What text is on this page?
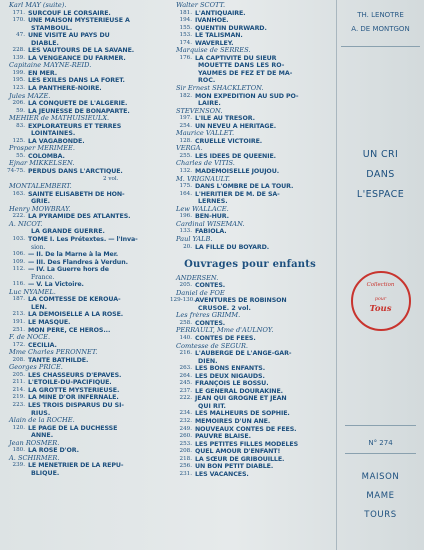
Karl MAY (suite).
171. SURCOUF LE CORSAIRE.
170. UNE MAISON MYSTÉRIEUSE A
STAMBOUL.
47. UNE VISITE AU PAYS DU
DIABLE.
228. LES VAUTOURS DE LA SAVANE.
139. LA VENGEANCE DU FARMER.
Capitaine MAYNE-REID.
199. EN MER.
195. LES EXILÉS DANS LA FORÊT.
123. LA PANTHÈRE-NOIRE.
Jules MAZÉ.
206. LA CONQUÊTE DE L'ALGÉRIE.
59. LA JEUNESSE DE BONAPARTE.
MÉHIER de MATHUISIEULX.
83. EXPLORATEURS ET TERRES
LOINTAINES.
125. LA VAGABONDE.
Prosper MÉRIMÉE.
55. COLOMBA.
Ejnar MIKKELSEN.
74-75. PERDUS DANS L'ARCTIQUE.
2 vol.
MONTALEMBERT.
163. SAINTE ÉLISABETH DE HON-
GRIE.
Henry MOWBRAY.
222. LA PYRAMIDE DES ATLANTES.
A. NICOT.
LA GRANDE GUERRE.
103. TOME I. Les Prétextes. — l'Inva-
sion.
106. — II. De la Marne à la Mer.
109. — III. Des Flandres à Verdun.
112. — IV. La Guerre hors de
France.
116. — V. La Victoire.
Luc NYAMEL.
187. LA COMTESSE DE KÉROUA-
LEN.
213. LA DEMOISELLE A LA ROSE.
191. LE MASQUE.
251. MON PÈRE, CE HÉROS...
F. de NOCÉ.
172. CÉCILIA.
Mme Charles PÉRONNET.
208. TANTE BATHILDE.
Georges PRICE.
205. LES CHASSEURS D'ÉPAVES.
211. L'ÉTOILE-DU-PACIFIQUE.
214. LA GROTTE MYSTÉRIEUSE.
219. LA MINE D'OR INFERNALE.
223. LES TROIS DISPARUS DU SI-
RIUS.
Alain de la ROCHE.
120. LE PAGE DE LA DUCHESSE
ANNE.
Jean ROSMER.
180. LA ROSE D'OR.
A. SCHIRMER.
239. LE MÉNÉTRIER DE LA RÉPU-
BLIQUE.
Walter SCOTT.
181. L'ANTIQUAIRE.
194. IVANHOÉ.
155. QUENTIN DURWARD.
153. LE TALISMAN.
174. WAVERLEY.
Marquise de SERRES.
176. LA CAPTIVITÉ DU SIEUR
MOUETTE DANS LES RO-
YAUMES DE FEZ ET DE MA-
ROC.
Sir Ernest SHACKLETON.
182. MON EXPÉDITION AU SUD PO-
LAIRE.
STEVENSON.
197. L'ÎLE AU TRÉSOR.
254. UN NEVEU A HÉRITAGE.
Maurice VALLET.
128. CRUELLE VICTOIRE.
VERGA.
255. LES IDÉES DE QUEENIE.
Charles de VITIS.
132. MADEMOISELLE JOUJOU.
M. VRIGNAULT.
175. DANS L'OMBRE DE LA TOUR.
164. L'HÉRITIER DE M. DE SA-
LERNES.
Lew WALLACE.
196. BEN-HUR.
Cardinal WISEMAN.
133. FABIOLA.
Paul YALB.
20. LA FILLE DU BOYARD.
Ouvrages pour enfants
ANDERSEN.
205. CONTES.
Daniel de FOË
129-130. AVENTURES DE ROBINSON
CRUSOË. 2 vol.
Les frères GRIMM.
258. CONTES.
PERRAULT, Mme d'AULNOY.
140. CONTES DE FÉES.
Comtesse de SÉGUR.
216. L'AUBERGE DE L'ANGE-GAR-
DIEN.
263. LES BONS ENFANTS.
264. LES DEUX NIGAUDS.
245. FRANÇOIS LE BOSSU.
237. LE GÉNÉRAL DOURAKINE.
222. JEAN QUI GROGNE ET JEAN
QUI RIT.
234. LES MALHEURS DE SOPHIE.
232. MÉMOIRES D'UN ÂNE.
249. NOUVEAUX CONTES DE FÉES.
260. PAUVRE BLAISE.
253. LES PETITES FILLES MODÈLES
208. QUEL AMOUR D'ENFANT!
218. LA SŒUR DE GRIBOUILLE.
256. UN BON PETIT DIABLE.
231. LES VACANCES.
TH. LENOTRE
A. DE MONTGON
UN CRI
DANS
L'ESPACE
Collection
pour
Tous
N° 274
MAISON
MAME
TOURS
